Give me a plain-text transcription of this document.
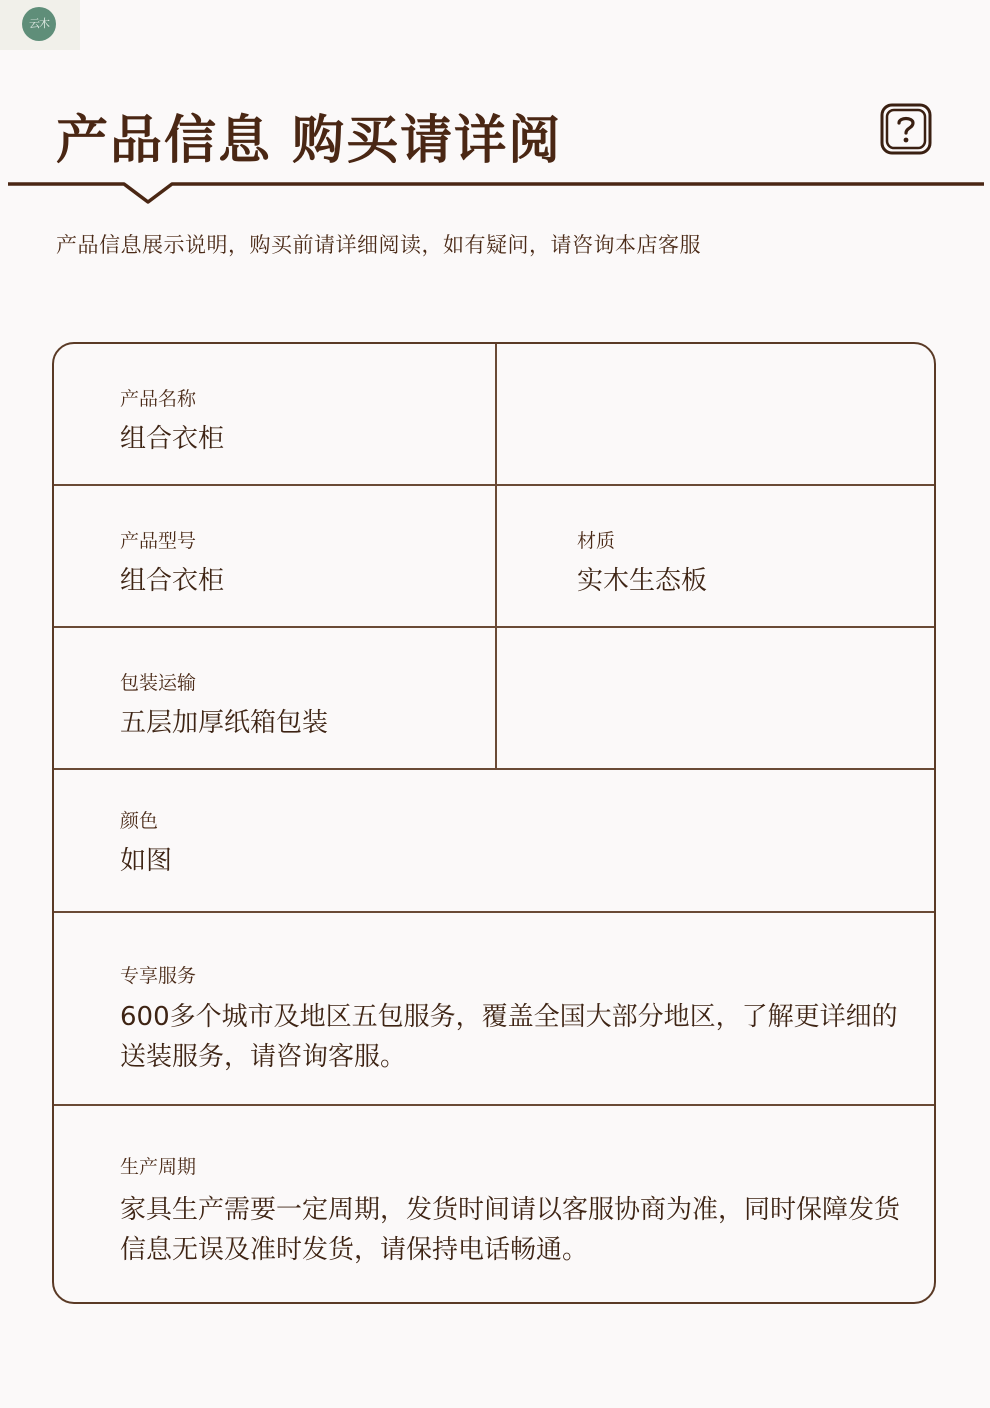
云木
产品信息 购买请详阅
产品信息展示说明，购买前请详细阅读，如有疑问，请咨询本店客服
产品名称
组合衣柜
产品型号
组合衣柜
材质
实木生态板
包装运输
五层加厚纸箱包装
颜色
如图
专享服务
600多个城市及地区五包服务，覆盖全国大部分地区，了解更详细的送装服务，请咨询客服。
生产周期
家具生产需要一定周期，发货时间请以客服协商为准，同时保障发货信息无误及准时发货，请保持电话畅通。
